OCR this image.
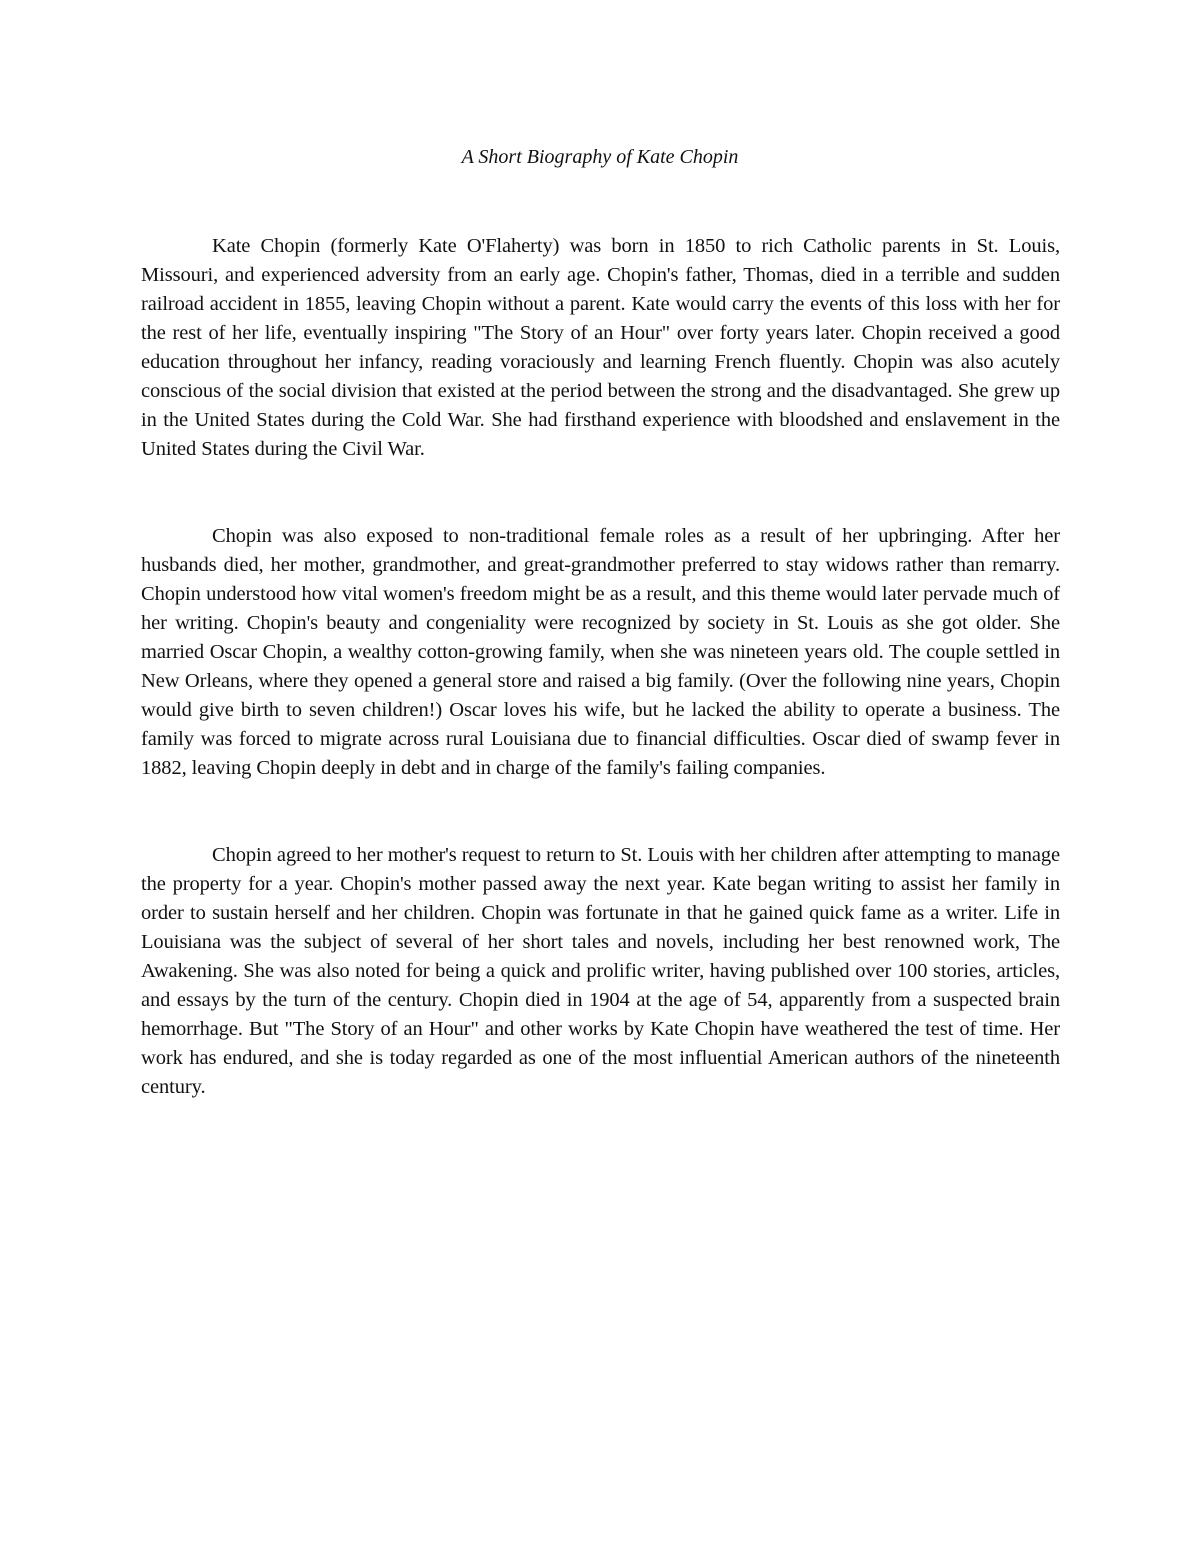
A Short Biography of Kate Chopin

Kate Chopin (formerly Kate O'Flaherty) was born in 1850 to rich Catholic parents in St. Louis, Missouri, and experienced adversity from an early age. Chopin's father, Thomas, died in a terrible and sudden railroad accident in 1855, leaving Chopin without a parent. Kate would carry the events of this loss with her for the rest of her life, eventually inspiring "The Story of an Hour" over forty years later. Chopin received a good education throughout her infancy, reading voraciously and learning French fluently. Chopin was also acutely conscious of the social division that existed at the period between the strong and the disadvantaged. She grew up in the United States during the Cold War. She had firsthand experience with bloodshed and enslavement in the United States during the Civil War.

Chopin was also exposed to non-traditional female roles as a result of her upbringing. After her husbands died, her mother, grandmother, and great-grandmother preferred to stay widows rather than remarry. Chopin understood how vital women's freedom might be as a result, and this theme would later pervade much of her writing. Chopin's beauty and congeniality were recognized by society in St. Louis as she got older. She married Oscar Chopin, a wealthy cotton-growing family, when she was nineteen years old. The couple settled in New Orleans, where they opened a general store and raised a big family. (Over the following nine years, Chopin would give birth to seven children!) Oscar loves his wife, but he lacked the ability to operate a business. The family was forced to migrate across rural Louisiana due to financial difficulties. Oscar died of swamp fever in 1882, leaving Chopin deeply in debt and in charge of the family's failing companies.

Chopin agreed to her mother's request to return to St. Louis with her children after attempting to manage the property for a year. Chopin's mother passed away the next year. Kate began writing to assist her family in order to sustain herself and her children. Chopin was fortunate in that he gained quick fame as a writer. Life in Louisiana was the subject of several of her short tales and novels, including her best renowned work, The Awakening. She was also noted for being a quick and prolific writer, having published over 100 stories, articles, and essays by the turn of the century. Chopin died in 1904 at the age of 54, apparently from a suspected brain hemorrhage. But "The Story of an Hour" and other works by Kate Chopin have weathered the test of time. Her work has endured, and she is today regarded as one of the most influential American authors of the nineteenth century.
